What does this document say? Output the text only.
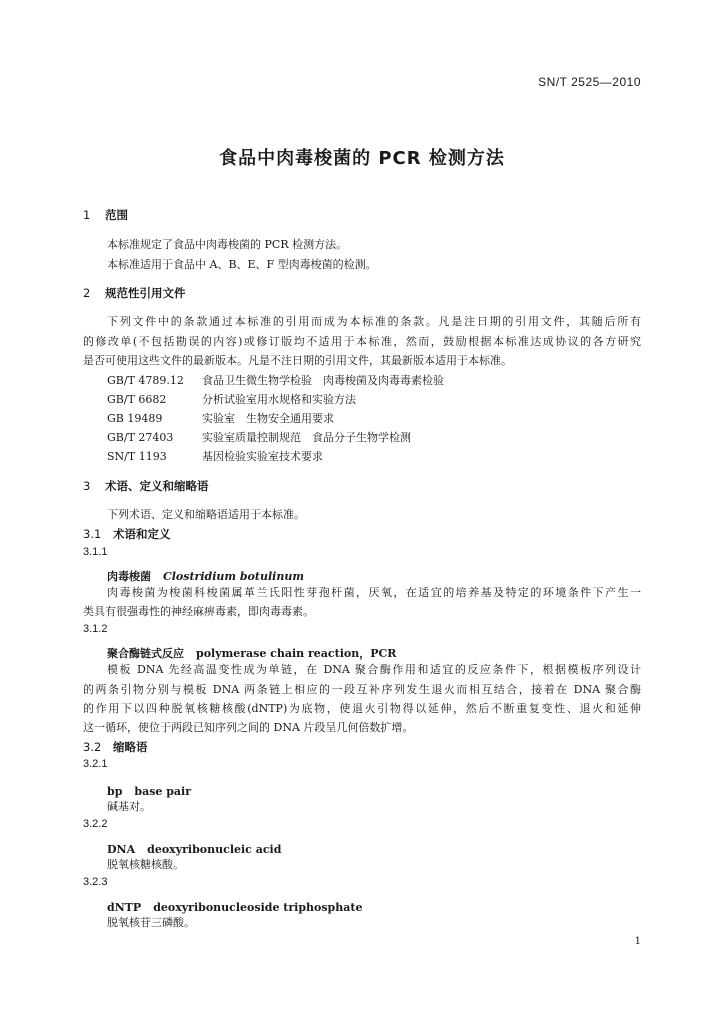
SN/T 2525—2010
食品中肉毒梭菌的 PCR 检测方法
1 范围
本标准规定了食品中肉毒梭菌的 PCR 检测方法。
本标准适用于食品中 A、B、E、F 型肉毒梭菌的检测。
2 规范性引用文件
下列文件中的条款通过本标准的引用而成为本标准的条款。凡是注日期的引用文件，其随后所有
的修改单(不包括勘误的内容)或修订版均不适用于本标准，然而，鼓励根据本标准达成协议的各方研究
是否可使用这些文件的最新版本。凡是不注日期的引用文件，其最新版本适用于本标准。
GB/T 4789.12 食品卫生微生物学检验　肉毒梭菌及肉毒毒素检验
GB/T 6682	分析试验室用水规格和实验方法
GB 19489	实验室　生物安全通用要求
GB/T 27403	实验室质量控制规范　食品分子生物学检测
SN/T 1193	基因检验实验室技术要求
3 术语、定义和缩略语
下列术语、定义和缩略语适用于本标准。
3.1 术语和定义
3.1.1
肉毒梭菌 Clostridium botulinum
肉毒梭菌为梭菌科梭菌属革兰氏阳性芽孢杆菌，厌氧，在适宜的培养基及特定的环境条件下产生一
类具有很强毒性的神经麻痹毒素，即肉毒毒素。
3.1.2
聚合酶链式反应 polymerase chain reaction，PCR
模板 DNA 先经高温变性成为单链，在 DNA 聚合酶作用和适宜的反应条件下，根据模板序列设计
的两条引物分别与模板 DNA 两条链上相应的一段互补序列发生退火而相互结合，接着在 DNA 聚合酶
的作用下以四种脱氧核糖核酸(dNTP)为底物，使退火引物得以延伸，然后不断重复变性、退火和延伸
这一循环，使位于两段已知序列之间的 DNA 片段呈几何倍数扩增。
3.2 缩略语
3.2.1
bp base pair
碱基对。
3.2.2
DNA deoxyribonucleic acid
脱氧核糖核酸。
3.2.3
dNTP deoxyribonucleoside triphosphate
脱氧核苷三磷酸。
1
